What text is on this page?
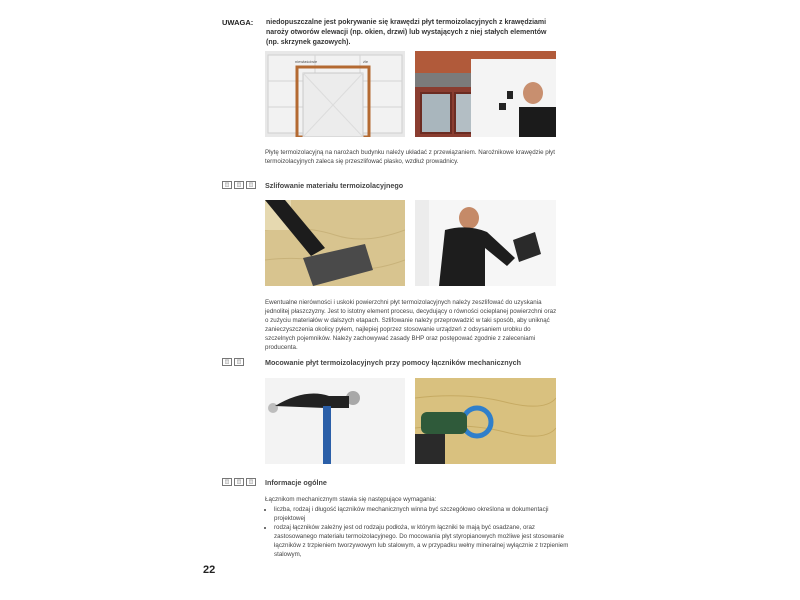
UWAGA: niedopuszczalne jest pokrywanie się krawędzi płyt termoizolacyjnych z krawędziami naroży otworów elewacji (np. okien, drzwi) lub wystających z niej stałych elementów (np. skrzynek gazowych).
niewłaściwie	źle
Płytę termoizolacyjną na narożach budynku należy układać z przewiązaniem. Narożnikowe krawędzie płyt termoizolacyjnych zaleca się przeszlifować płasko, wzdłuż prowadnicy.
◫	◫	◫	Szlifowanie materiału termoizolacyjnego
Ewentualne nierówności i uskoki powierzchni płyt termoizolacyjnych należy zeszlifować do uzyskania jednolitej płaszczyzny. Jest to istotny element procesu, decydujący o równości ocieplanej powierzchni oraz o zużyciu materiałów w dalszych etapach. Szlifowanie należy przeprowadzić w taki sposób, aby uniknąć zanieczyszczenia okolicy pyłem, najlepiej poprzez stosowanie urządzeń z odsysaniem urobku do szczelnych pojemników. Należy zachowywać zasady BHP oraz postępować zgodnie z zaleceniami producenta.
◫	◫	Mocowanie płyt termoizolacyjnych przy pomocy łączników mechanicznych
◫	◫	◫	Informacje ogólne
Łącznikom mechanicznym stawia się następujące wymagania:
• liczba, rodzaj i długość łączników mechanicznych winna być szczegółowo określona w dokumentacji projektowej
• rodzaj łączników zależny jest od rodzaju podłoża, w którym łączniki te mają być osadzane, oraz zastosowanego materiału termoizolacyjnego. Do mocowania płyt styropianowych możliwe jest stosowanie łączników z trzpieniem tworzywowym lub stalowym, a w przypadku wełny mineralnej wyłącznie z trzpieniem stalowym,
22
